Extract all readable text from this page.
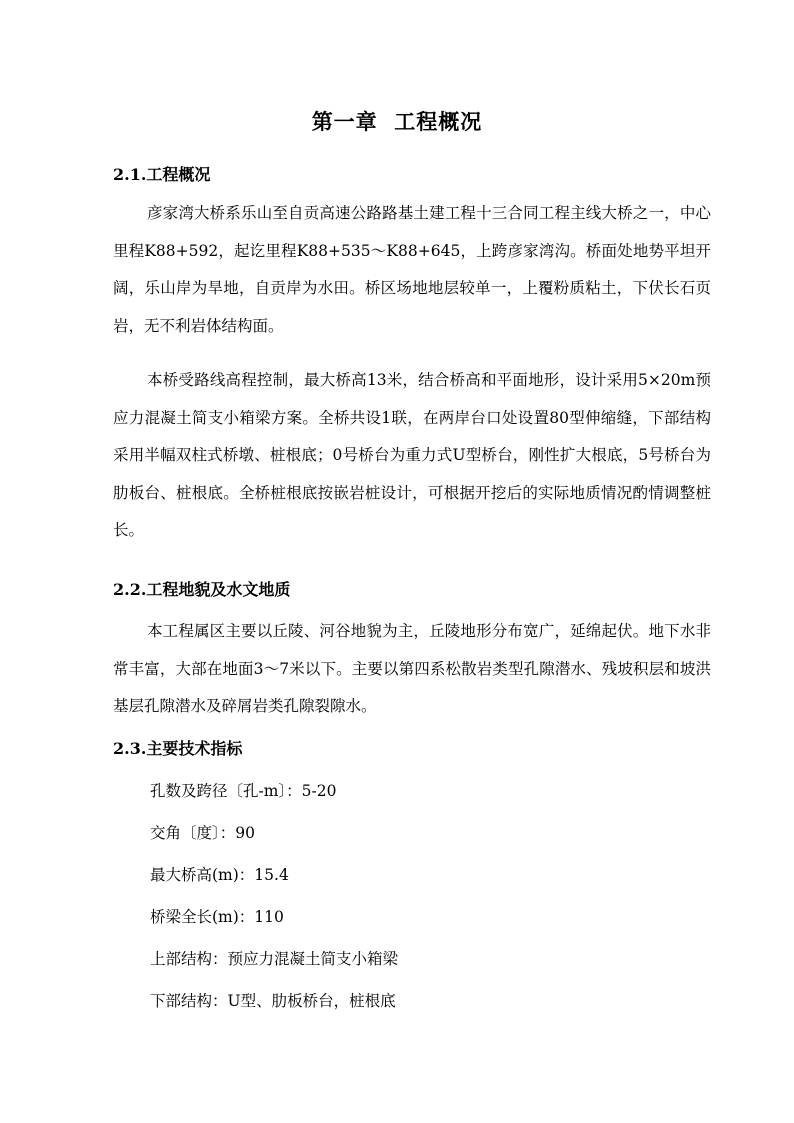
第一章  工程概况
2.1.工程概况

彦家湾大桥系乐山至自贡高速公路路基土建工程十三合同工程主线大桥之一，中心里程K88+592，起讫里程K88+535～K88+645，上跨彦家湾沟。桥面处地势平坦开阔，乐山岸为旱地，自贡岸为水田。桥区场地地层较单一，上覆粉质粘土，下伏长石页岩，无不利岩体结构面。

本桥受路线高程控制，最大桥高13米，结合桥高和平面地形，设计采用5×20m预应力混凝土简支小箱梁方案。全桥共设1联，在两岸台口处设置80型伸缩缝，下部结构采用半幅双柱式桥墩、桩根底；0号桥台为重力式U型桥台，刚性扩大根底，5号桥台为肋板台、桩根底。全桥桩根底按嵌岩桩设计，可根据开挖后的实际地质情况酌情调整桩长。

2.2.工程地貌及水文地质

本工程属区主要以丘陵、河谷地貌为主，丘陵地形分布宽广，延绵起伏。地下水非常丰富，大部在地面3～7米以下。主要以第四系松散岩类型孔隙潜水、残坡积层和坡洪基层孔隙潜水及碎屑岩类孔隙裂隙水。

2.3.主要技术指标
孔数及跨径〔孔-m〕：5-20
交角〔度〕：90
最大桥高(m)：15.4
桥梁全长(m)：110
上部结构：预应力混凝土简支小箱梁
下部结构：U型、肋板桥台，桩根底
